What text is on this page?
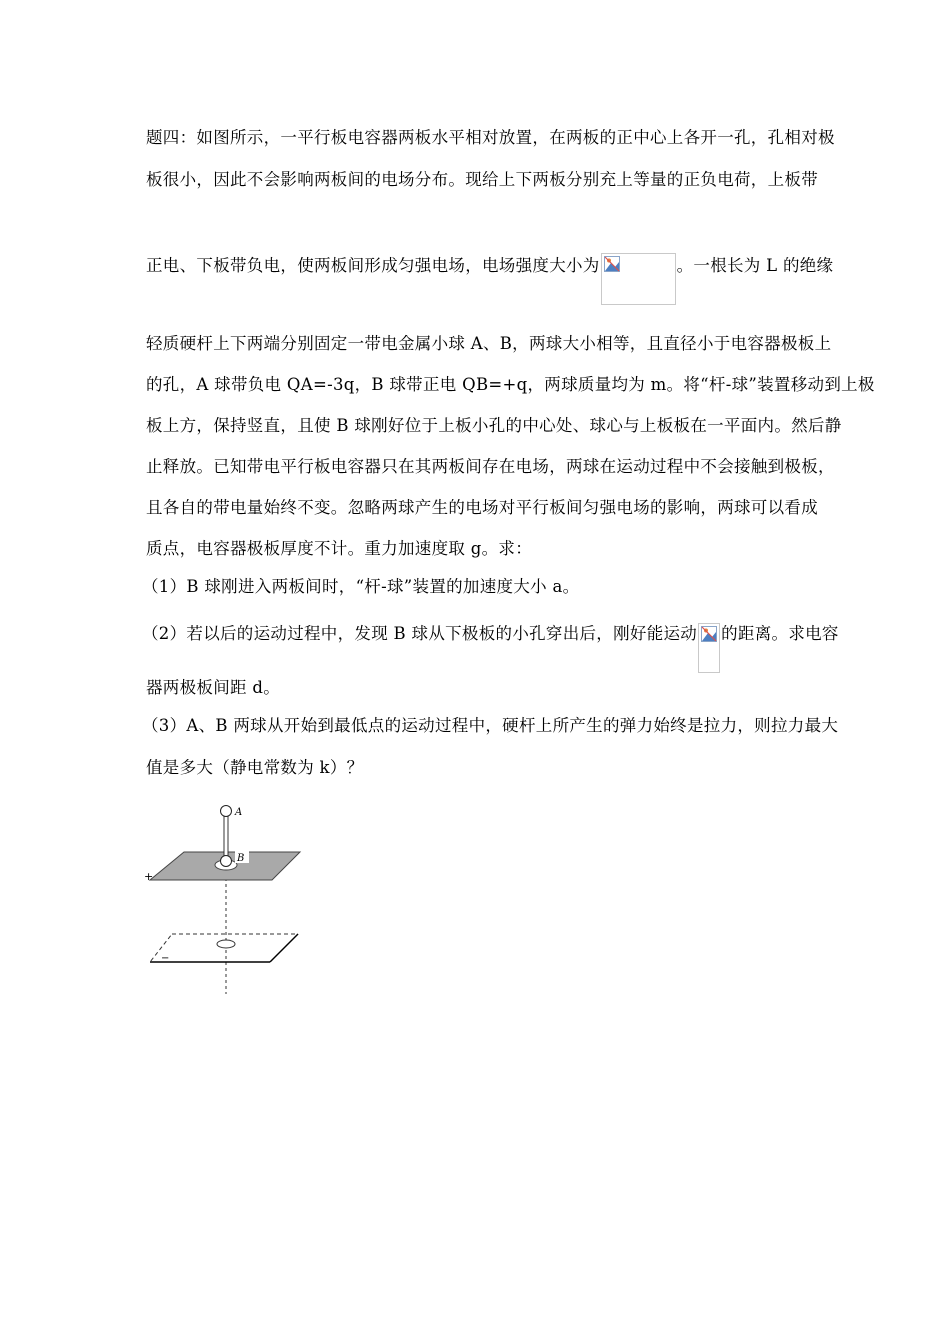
题四：如图所示，一平行板电容器两板水平相对放置，在两板的正中心上各开一孔，孔相对极
板很小，因此不会影响两板间的电场分布。现给上下两板分别充上等量的正负电荷，上板带
正电、下板带负电，使两板间形成匀强电场，电场强度大小为	。一根长为 L 的绝缘
轻质硬杆上下两端分别固定一带电金属小球 A、B，两球大小相等，且直径小于电容器极板上
的孔，A 球带负电 QA=-3q，B 球带正电 QB=+q，两球质量均为 m。将“杆-球”装置移动到上极
板上方，保持竖直，且使 B 球刚好位于上板小孔的中心处、球心与上板板在一平面内。然后静
止释放。已知带电平行板电容器只在其两板间存在电场，两球在运动过程中不会接触到极板，
且各自的带电量始终不变。忽略两球产生的电场对平行板间匀强电场的影响，两球可以看成
质点，电容器极板厚度不计。重力加速度取 g。求：
（1）B 球刚进入两板间时，“杆-球”装置的加速度大小 a。
（2）若以后的运动过程中，发现 B 球从下极板的小孔穿出后，刚好能运动 的距离。求电容
器两极板间距 d。
（3）A、B 两球从开始到最低点的运动过程中，硬杆上所产生的弹力始终是拉力，则拉力最大
值是多大（静电常数为 k）？
A
B
+
−
